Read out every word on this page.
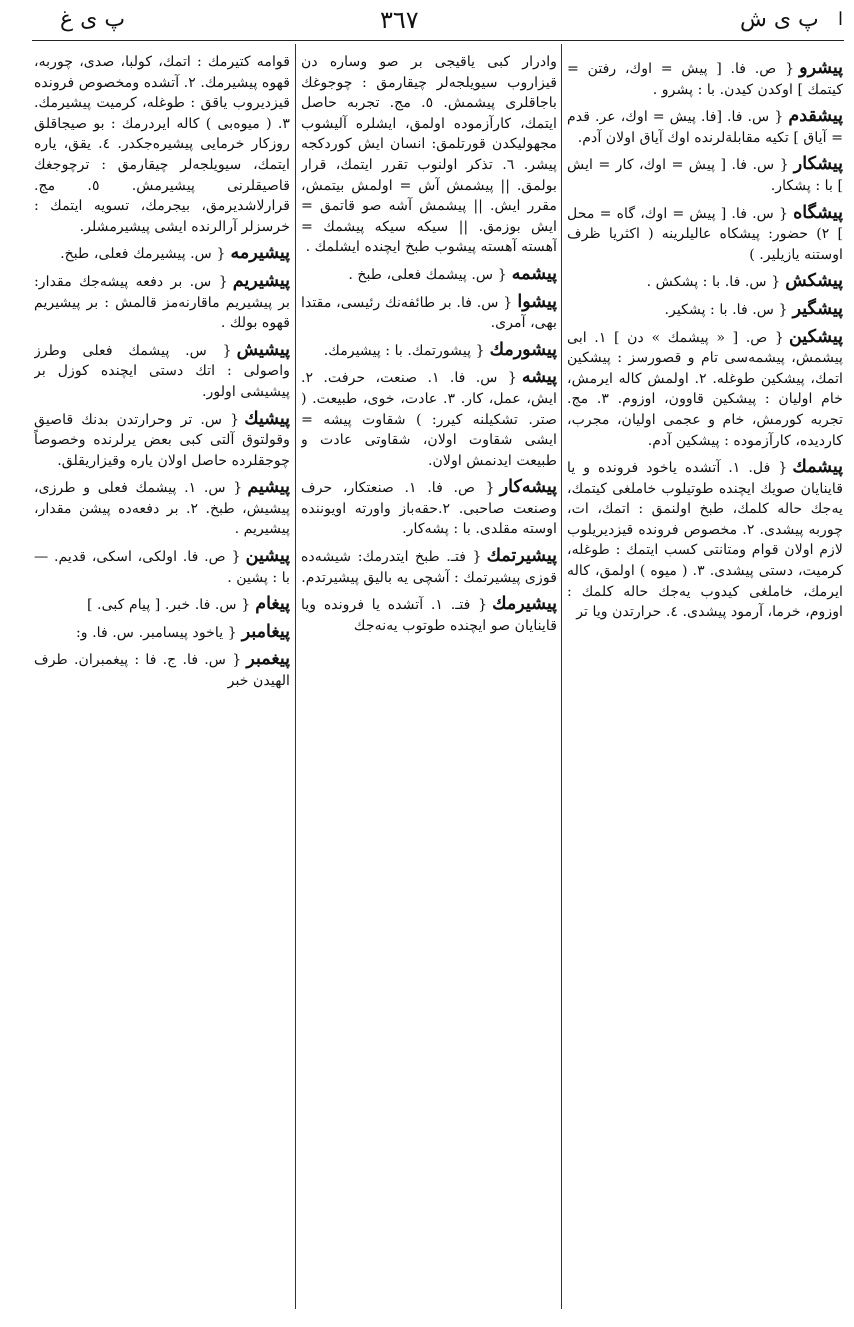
پ ى غ	٣٦٧	پ ى ش ا

پيشرو{ ص. فا. [ پيش = اوك، رفتن = كيتمك ] اوكدن كيدن. با : پشرو .

پيشقدم{ س. فا. [فا. پيش = اوك، عر. قدم = آياق ] تكيه مقابلةلرنده اوك آياق اولان آدم.

پيشكار{ س. فا. [ پيش = اوك، كار = ايش ] با : پشكار.

پيشگاه{ س. فا. [ پيش = اوك، گاه = محل ] ٢) حضور: پيشكاه عاليلرينه ( اكثريا ظرف اوستنه يازيلير. )

پيشكش{ س. فا. با : پشكش .

پيشگير{ س. فا. با : پشكير.

پيشكين{ ص. [ « پيشمك » دن ] ١. ابى پيشمش، پيشمه‌سى تام و قصورسز : پيشكين اتمك، پيشكين طوغله. ٢. اولمش كاله ايرمش، خام اوليان : پيشكين قاوون، اوزوم. ٣. مج. تجربه كورمش، خام و عجمى اوليان، مجرب، كارديده، كارآزموده : پيشكين آدم.

پيشمك{ فل. ١. آتشده ياخود فرونده و يا قاينايان صويك ايچنده طوتيلوب خاملغى كيتمك، يه‌جك حاله كلمك، طبخ اولنمق : اتمك، ات، چوربه پيشدى. ٢. مخصوص فرونده قيزديريلوب لازم اولان قوام ومتانتى كسب ايتمك : طوغله، كرميت، دستى پيشدى. ٣. ( ميوه ) اولمق، كاله ايرمك، خاملغى كيدوب يه‌جك حاله كلمك : اوزوم، خرما، آرمود پيشدى. ٤. حرارتدن ويا تر

وادرار كبى ياقيجى بر صو وساره دن قيزاروب سيويلجه‌لر چيقارمق : چوجوغك باجاقلرى پيشمش. ٥. مج. تجربه حاصل ايتمك، كارآزموده اولمق، ايشلره آليشوب مجهوليكدن قورتلمق: انسان ايش كوردكجه پيشر. ٦. تذكر اولنوب تقرر ايتمك، قرار بولمق. || پيشمش آش = اولمش بيتمش، مقرر ايش. || پيشمش آشه صو قاتمق = ايش بوزمق. || سيكه سيكه پيشمك = آهسته آهسته پيشوب طبخ ايچنده ايشلمك .

پيشمه{ س. پيشمك فعلى، طبخ .

پيشوا{ س. فا. بر طائفه‌نك رئيسى، مقتدا بهى، آمرى.

پيشورمك{ پيشورتمك. با : پيشيرمك.

پيشه{ س. فا. ١. صنعت، حرفت. ٢. ايش، عمل، كار. ٣. عادت، خوى، طبيعت. ( صتر. تشكيلنه كيرر: ) شقاوت پيشه = ايشى شقاوت اولان، شقاوتى عادت و طبيعت ايدنمش اولان.

پيشه‌كار{ ص. فا. ١. صنعتكار، حرف وصنعت صاحبى. ٢.حقه‌باز واورته اويوننده اوسته مقلدى. با : پشه‌كار.

پيشيرتمك{ فتـ. طبخ ايتدرمك: شيشه‌ده قوزى پيشيرتمك : آشچى يه باليق پيشيرتدم.

پيشيرمك{ فتـ. ١. آتشده يا فرونده ويا قاينايان صو ايچنده طوتوب يه‌نه‌جك

قوامه كتيرمك : اتمك، كولبا، صدى، چوربه، قهوه پيشيرمك. ٢. آتشده ومخصوص فرونده قيزديروب ياقق : طوغله، كرميت پيشيرمك. ٣. ( ميوه‌بى ) كاله ايردرمك : بو صيجاقلق روزكار خرمايى پيشيره‌جكدر. ٤. يقق، ياره ايتمك، سيويلجه‌لر چيقارمق : ترچوجغك قاصيقلرنى پيشيرمش. ٥. مج. قرارلاشديرمق، بيجرمك، تسويه ايتمك : خرسزلر آرالرنده ايشى پيشيرمشلر.

پيشيرمه{ س. پيشيرمك فعلى، طبخ.

پيشيريم{ س. بر دفعه پيشه‌جك مقدار: بر پيشيريم ماقارنه‌مز قالمش : بر پيشيريم قهوه بولك .

پيشيش{ س. پيشمك فعلى وطرز واصولى : اتك دستى ايچنده كوزل بر پيشيشى اولور.

پيشيك{ س. تر وحرارتدن بدنك قاصيق وقولتوق آلتى كبى بعض يرلرنده وخصوصاً چوجقلرده حاصل اولان ياره وقيزاريقلق.

پيشيم{ س. ١. پيشمك فعلى و طرزى، پيشيش، طبخ. ٢. بر دفعه‌ده پيشن مقدار، پيشيريم .

پيشين{ ص. فا. اولكى، اسكى، قديم. — با : پشين .

پيغام{ س. فا. خبر. [ پيام كبى. ]

پيغامبر{ ياخود پيسامبر. س. فا. و:

پيغمبر{ س. فا. ج. فا : پيغمبران. طرف الهيدن خبر
